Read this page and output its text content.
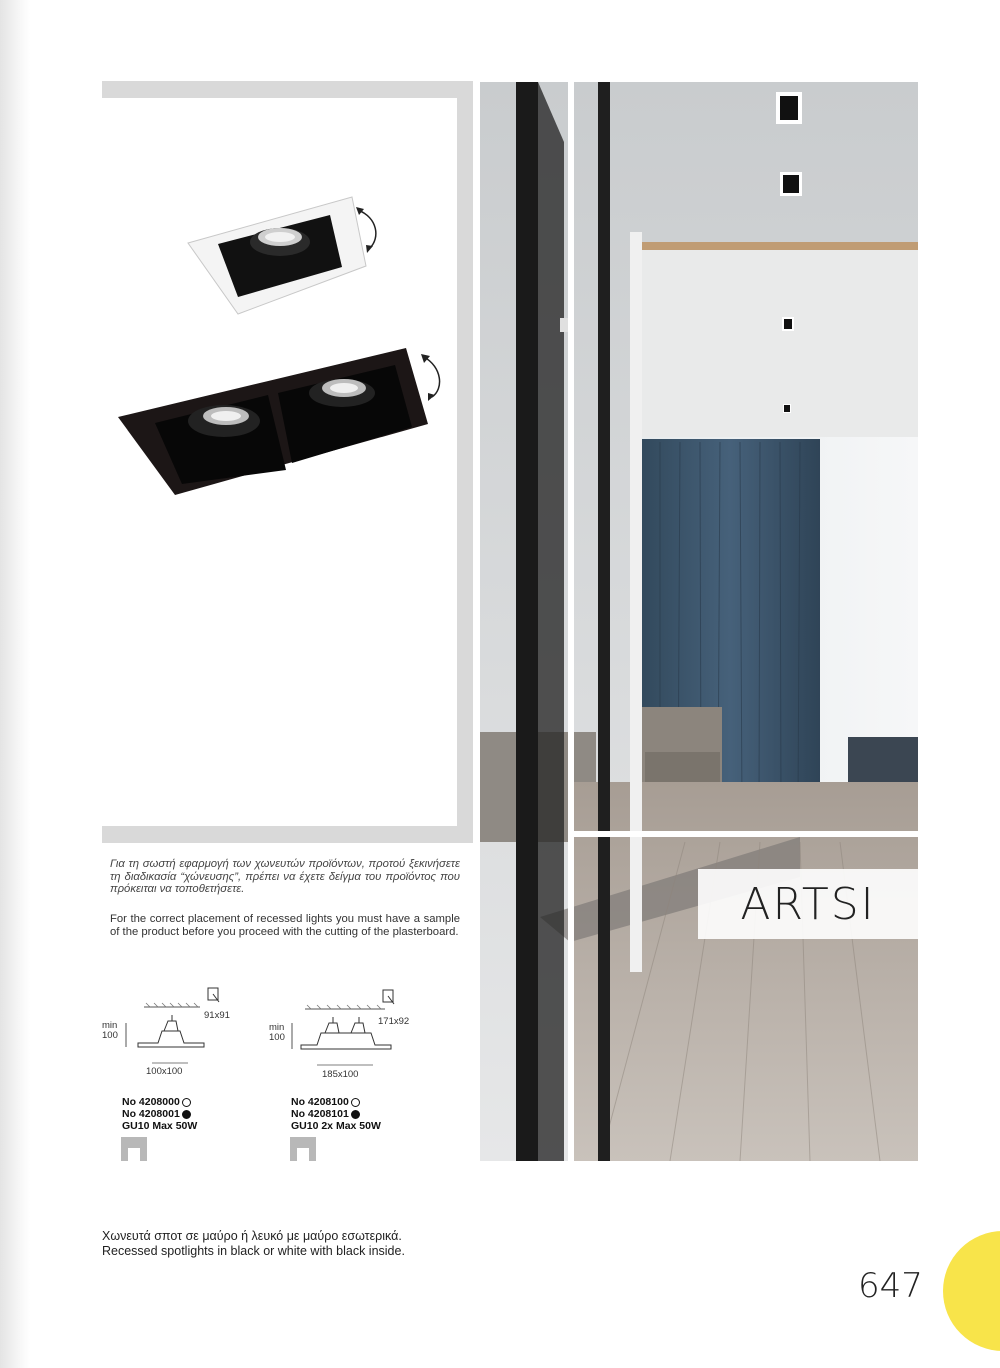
ARTSI
Για τη σωστή εφαρμογή των χωνευτών προϊόντων, προτού ξεκινήσετε τη διαδικασία “χώνευσης”, πρέπει να έχετε δείγμα του προϊόντος που πρόκειται να τοποθετήσετε.
For the correct placement of recessed lights you must have a sample of the product before you proceed with the cutting of the plasterboard.
min
100
91x91
100x100
min
100
171x92
185x100
No 4208000
No 4208001
GU10 Max 50W
No 4208100
No 4208101
GU10 2x Max 50W
Χωνευτά σποτ σε μαύρο ή λευκό με μαύρο εσωτερικά.
Recessed spotlights in black or white with black inside.
647
